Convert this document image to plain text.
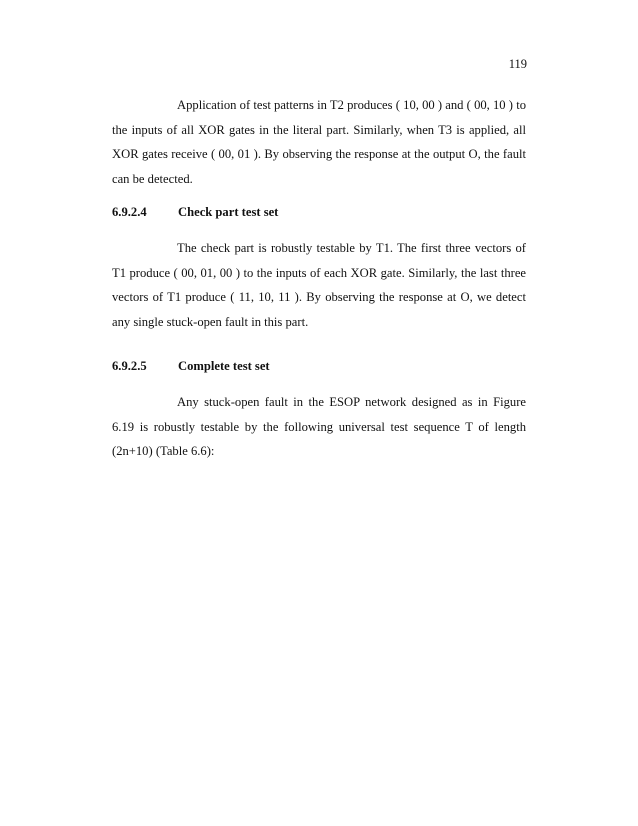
119

Application of test patterns in T2 produces ( 10, 00 ) and ( 00, 10 ) to the inputs of all XOR gates in the literal part. Similarly, when T3 is applied, all XOR gates receive ( 00, 01 ). By observing the response at the output O, the fault can be detected.

6.9.2.4 Check part test set

The check part is robustly testable by T1. The first three vectors of T1 produce ( 00, 01, 00 ) to the inputs of each XOR gate. Similarly, the last three vectors of T1 produce ( 11, 10, 11 ). By observing the response at O, we detect any single stuck-open fault in this part.

6.9.2.5 Complete test set

Any stuck-open fault in the ESOP network designed as in Figure 6.19 is robustly testable by the following universal test sequence T of length (2n+10) (Table 6.6):
